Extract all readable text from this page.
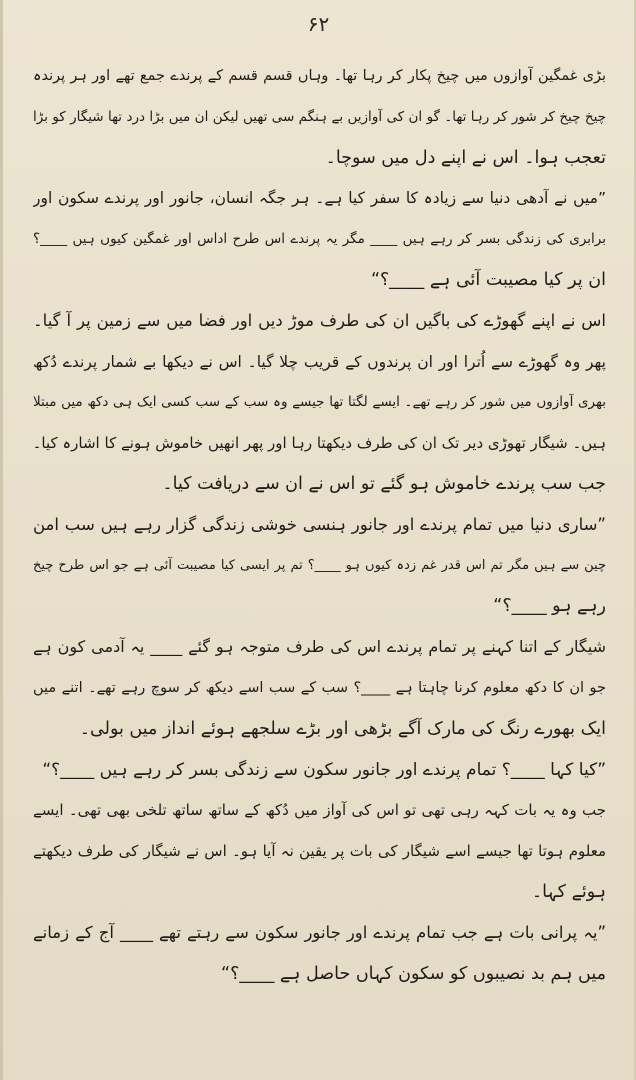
۶۲
بڑی غمگین آوازوں میں چیخ پکار کر رہا تھا۔ وہاں قسم قسم کے پرندے جمع تھے اور ہر پرندہ
چیخ چیخ کر شور کر رہا تھا۔ گو ان کی آوازیں بے ہنگم سی تھیں لیکن ان میں بڑا درد تھا شیگار کو بڑا
تعجب ہوا۔ اس نے اپنے دل میں سوچا۔
”میں نے آدھی دنیا سے زیادہ کا سفر کیا ہے۔ ہر جگہ انسان، جانور اور پرندے سکون اور
برابری کی زندگی بسر کر رہے ہیں ____ مگر یہ پرندے اس طرح اداس اور غمگین کیوں ہیں ____؟
ان پر کیا مصیبت آئی ہے ____؟“
اس نے اپنے گھوڑے کی باگیں ان کی طرف موڑ دیں اور فضا میں سے زمین پر آ گیا۔
پھر وہ گھوڑے سے اُترا اور ان پرندوں کے قریب چلا گیا۔ اس نے دیکھا بے شمار پرندے دُکھ
بھری آوازوں میں شور کر رہے تھے۔ ایسے لگتا تھا جیسے وہ سب کے سب کسی ایک ہی دکھ میں مبتلا
ہیں۔ شیگار تھوڑی دیر تک ان کی طرف دیکھتا رہا اور پھر انھیں خاموش ہونے کا اشارہ کیا۔
جب سب پرندے خاموش ہو گئے تو اس نے ان سے دریافت کیا۔
”ساری دنیا میں تمام پرندے اور جانور ہنسی خوشی زندگی گزار رہے ہیں سب امن
چین سے ہیں مگر تم اس قدر غم زدہ کیوں ہو ____؟ تم پر ایسی کیا مصیبت آئی ہے جو اس طرح چیخ
رہے ہو ____؟“
شیگار کے اتنا کہنے پر تمام پرندے اس کی طرف متوجہ ہو گئے ____ یہ آدمی کون ہے
جو ان کا دکھ معلوم کرنا چاہتا ہے ____؟ سب کے سب اسے دیکھ کر سوچ رہے تھے۔ اتنے میں
ایک بھورے رنگ کی مارک آگے بڑھی اور بڑے سلجھے ہوئے انداز میں بولی۔
”کیا کہا ____؟ تمام پرندے اور جانور سکون سے زندگی بسر کر رہے ہیں ____؟“
جب وہ یہ بات کہہ رہی تھی تو اس کی آواز میں دُکھ کے ساتھ ساتھ تلخی بھی تھی۔ ایسے
معلوم ہوتا تھا جیسے اسے شیگار کی بات پر یقین نہ آیا ہو۔ اس نے شیگار کی طرف دیکھتے
ہوئے کہا۔
”یہ پرانی بات ہے جب تمام پرندے اور جانور سکون سے رہتے تھے ____ آج کے زمانے
میں ہم بد نصیبوں کو سکون کہاں حاصل ہے ____؟“
